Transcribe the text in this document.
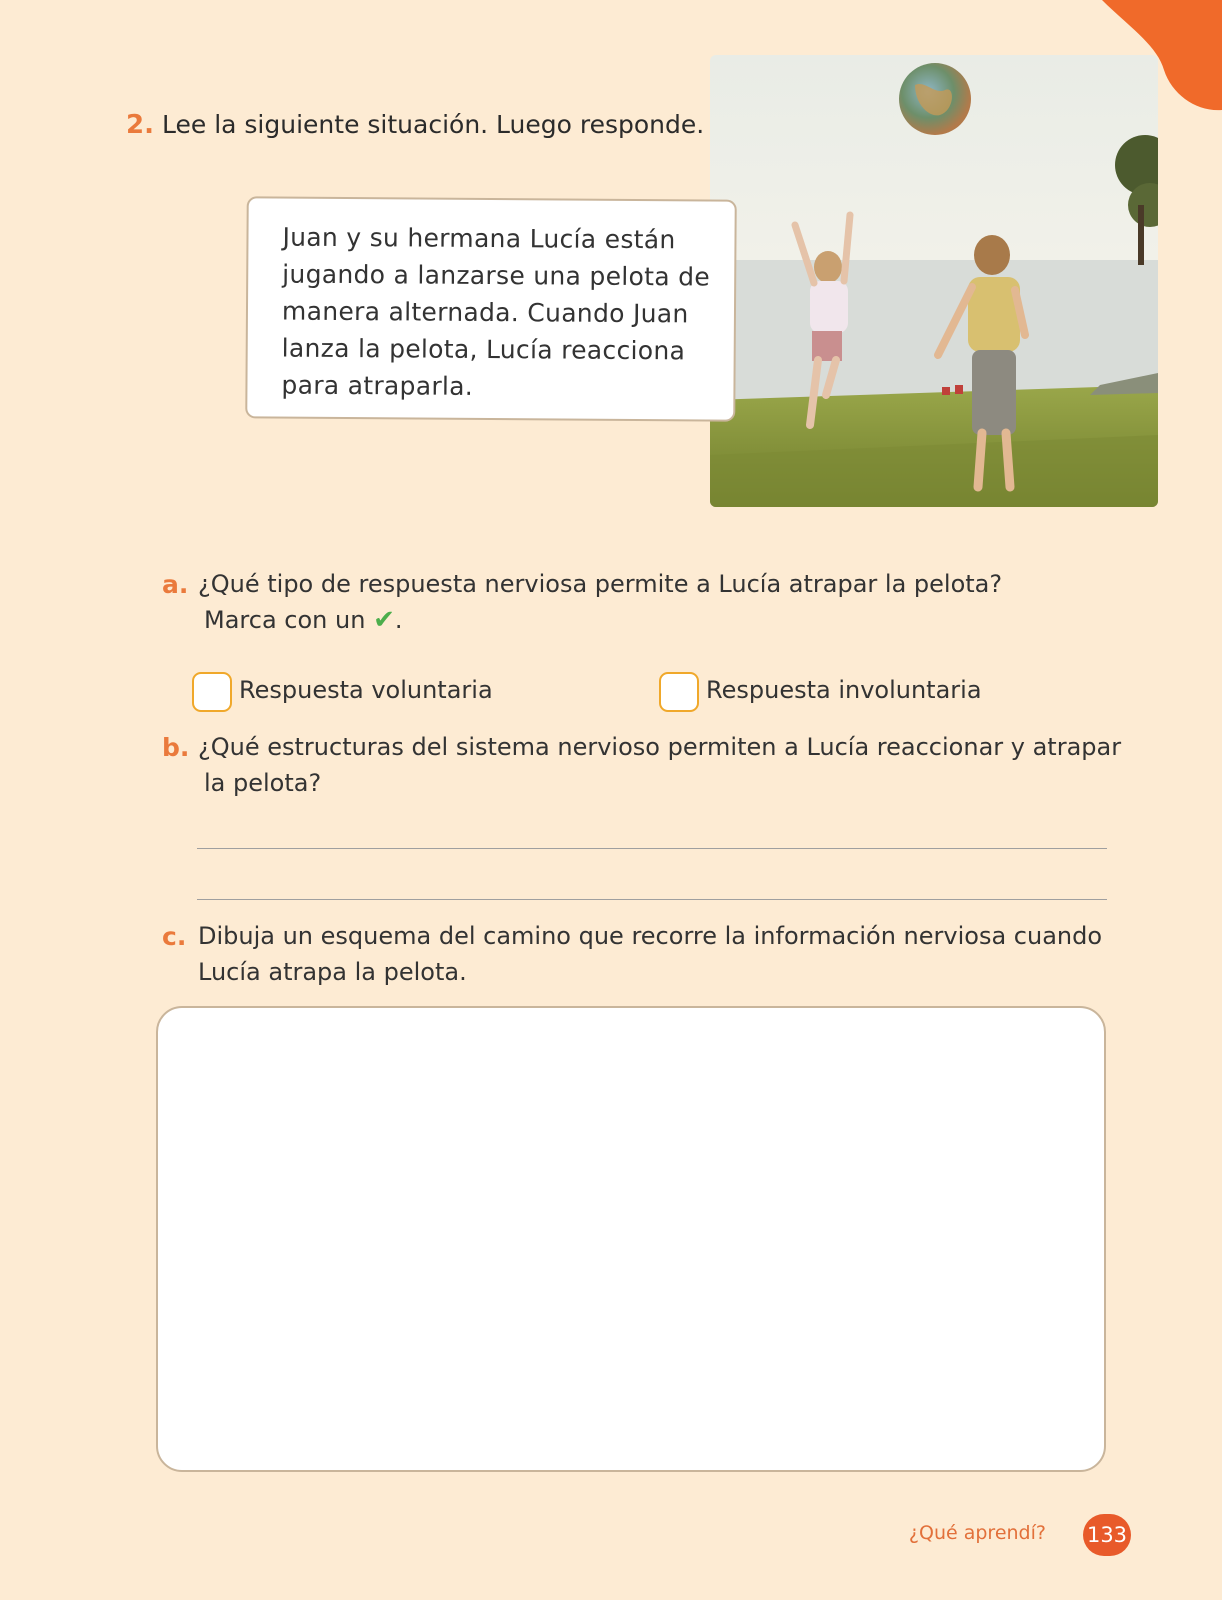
2. Lee la siguiente situación. Luego responde.
Juan y su hermana Lucía están jugando a lanzarse una pelota de manera alternada. Cuando Juan lanza la pelota, Lucía reacciona para atraparla.
a. ¿Qué tipo de respuesta nerviosa permite a Lucía atrapar la pelota?
Marca con un ✔.
Respuesta voluntaria	Respuesta involuntaria
b. ¿Qué estructuras del sistema nervioso permiten a Lucía reaccionar y atrapar
la pelota?
c. Dibuja un esquema del camino que recorre la información nerviosa cuando
Lucía atrapa la pelota.
¿Qué aprendí? 133
